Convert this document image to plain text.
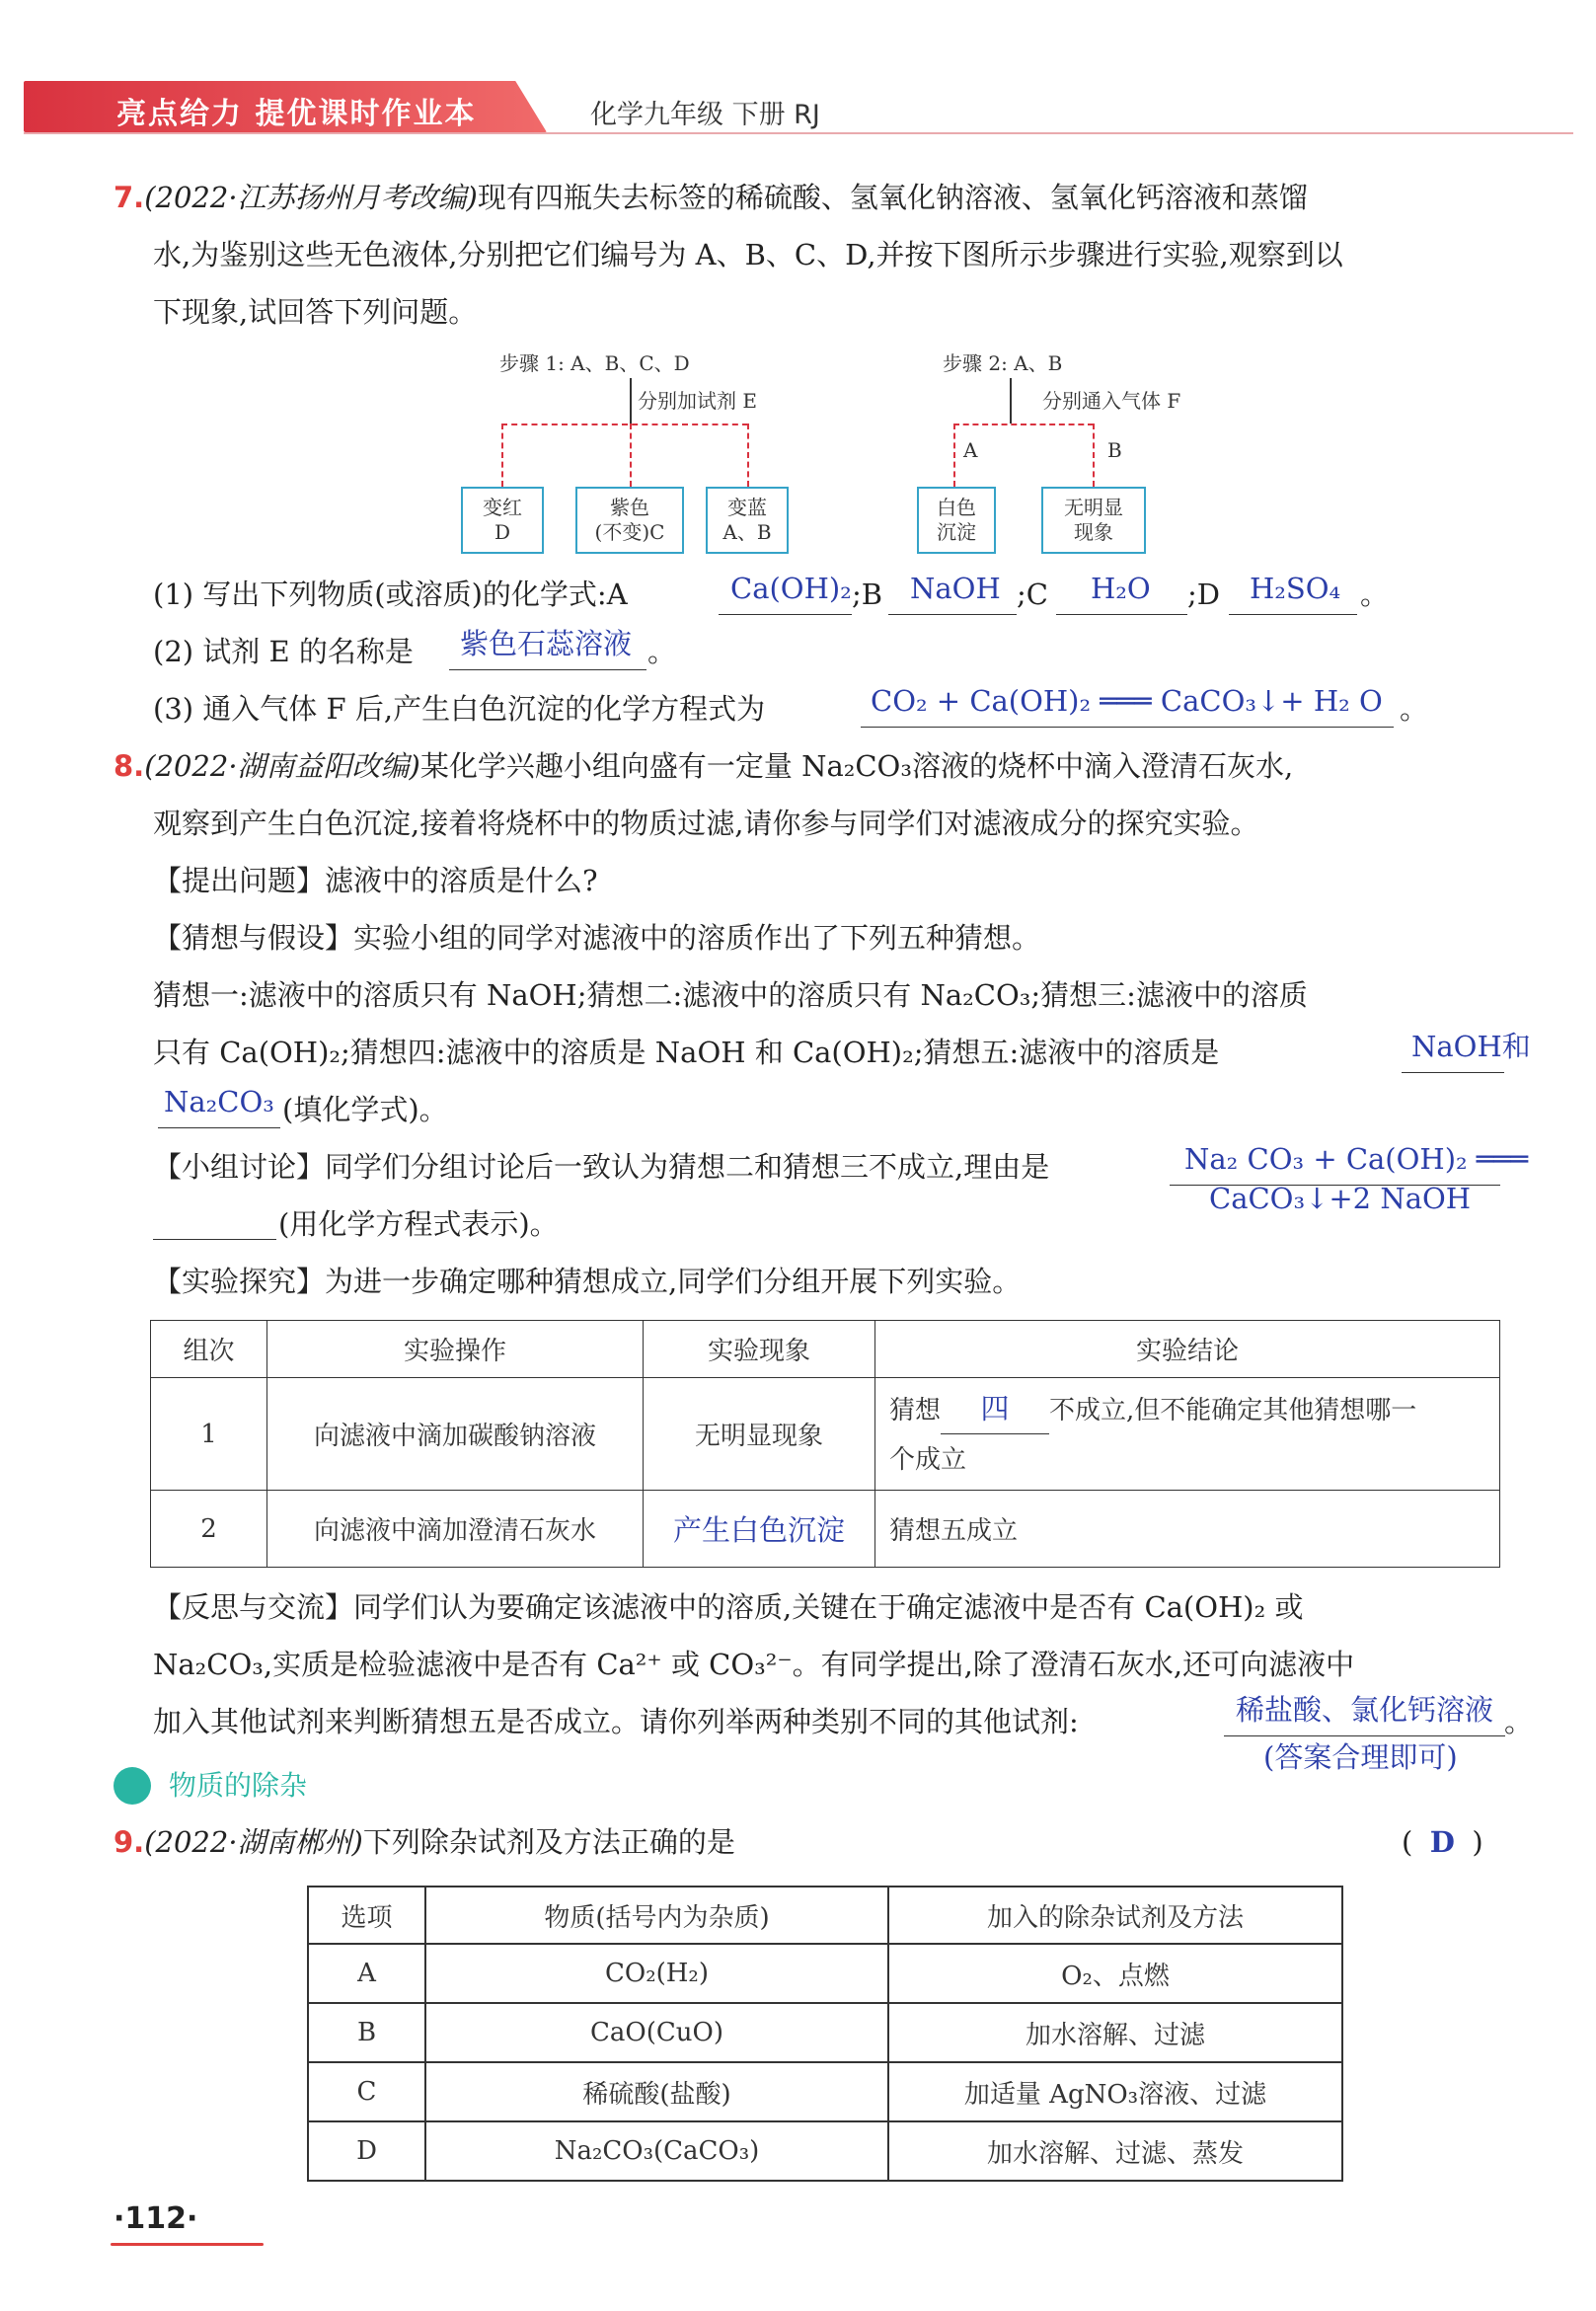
亮点给力 提优课时作业本	化学九年级 下册 RJ
7.(2022·江苏扬州月考改编)现有四瓶失去标签的稀硫酸、氢氧化钠溶液、氢氧化钙溶液和蒸馏
水,为鉴别这些无色液体,分别把它们编号为 A、B、C、D,并按下图所示步骤进行实验,观察到以
下现象,试回答下列问题。
步骤 1: A、B、C、D
分别加试剂 E
变红
D
紫色
(不变)C
变蓝
A、B
步骤 2: A、B
分别通入气体 F
A	B
白色
沉淀
无明显
现象
(1) 写出下列物质(或溶质)的化学式:A	Ca(OH)₂ ;B NaOH ;C H₂O ;D H₂SO₄ 。
(2) 试剂 E 的名称是 紫色石蕊溶液 。
(3) 通入气体 F 后,产生白色沉淀的化学方程式为	CO₂ + Ca(OH)₂ ═══ CaCO₃↓+ H₂ O 。
8.(2022·湖南益阳改编)某化学兴趣小组向盛有一定量 Na₂CO₃溶液的烧杯中滴入澄清石灰水,
观察到产生白色沉淀,接着将烧杯中的物质过滤,请你参与同学们对滤液成分的探究实验。
【提出问题】滤液中的溶质是什么?
【猜想与假设】实验小组的同学对滤液中的溶质作出了下列五种猜想。
猜想一:滤液中的溶质只有 NaOH;猜想二:滤液中的溶质只有 Na₂CO₃;猜想三:滤液中的溶质
只有 Ca(OH)₂;猜想四:滤液中的溶质是 NaOH 和 Ca(OH)₂;猜想五:滤液中的溶质是	NaOH和
Na₂CO₃ (填化学式)。
【小组讨论】同学们分组讨论后一致认为猜想二和猜想三不成立,理由是	Na₂ CO₃ + Ca(OH)₂ ═══
CaCO₃↓+2 NaOH
(用化学方程式表示)。
【实验探究】为进一步确定哪种猜想成立,同学们分组开展下列实验。
组次	实验操作	实验现象	实验结论
1	向滤液中滴加碳酸钠溶液	无明显现象	猜想 四 不成立,但不能确定其他猜想哪一
个成立
2	向滤液中滴加澄清石灰水	产生白色沉淀	猜想五成立
【反思与交流】同学们认为要确定该滤液中的溶质,关键在于确定滤液中是否有 Ca(OH)₂ 或
Na₂CO₃,实质是检验滤液中是否有 Ca²⁺ 或 CO₃²⁻。有同学提出,除了澄清石灰水,还可向滤液中
加入其他试剂来判断猜想五是否成立。请你列举两种类别不同的其他试剂:	稀盐酸、氯化钙溶液
(答案合理即可)
。
物质的除杂
9.(2022·湖南郴州)下列除杂试剂及方法正确的是	( D )
选项	物质(括号内为杂质)	加入的除杂试剂及方法
A	CO₂(H₂)	O₂、点燃
B	CaO(CuO)	加水溶解、过滤
C	稀硫酸(盐酸)	加适量 AgNO₃溶液、过滤
D	Na₂CO₃(CaCO₃)	加水溶解、过滤、蒸发
·112·
